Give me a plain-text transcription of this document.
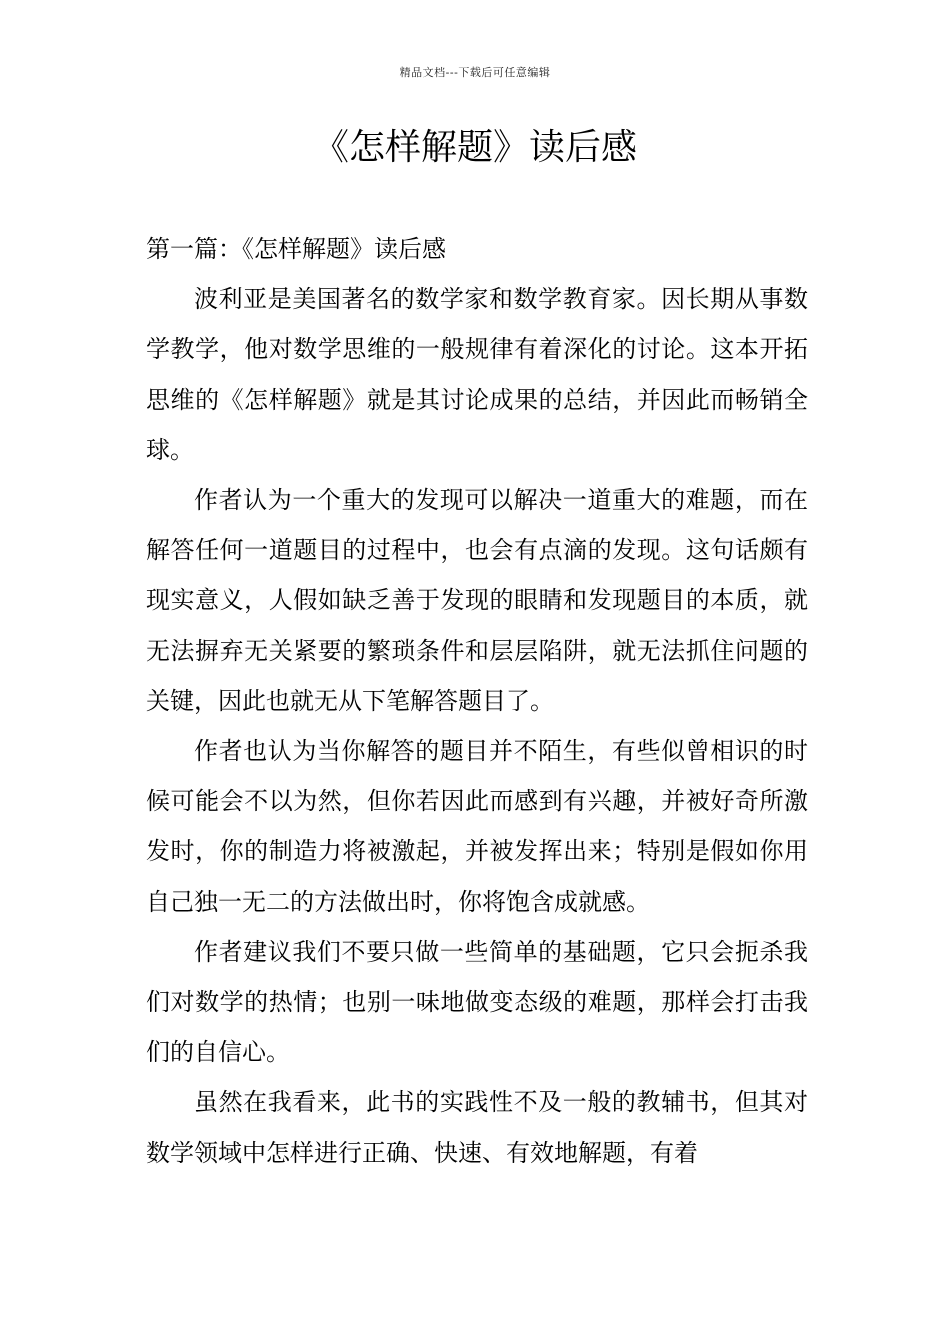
精品文档---下载后可任意编辑
《怎样解题》读后感

第一篇：《怎样解题》读后感

波利亚是美国著名的数学家和数学教育家。因长期从事数学教学，他对数学思维的一般规律有着深化的讨论。这本开拓思维的《怎样解题》就是其讨论成果的总结，并因此而畅销全球。

作者认为一个重大的发现可以解决一道重大的难题，而在解答任何一道题目的过程中，也会有点滴的发现。这句话颇有现实意义，人假如缺乏善于发现的眼睛和发现题目的本质，就无法摒弃无关紧要的繁琐条件和层层陷阱，就无法抓住问题的关键，因此也就无从下笔解答题目了。

作者也认为当你解答的题目并不陌生，有些似曾相识的时候可能会不以为然，但你若因此而感到有兴趣，并被好奇所激发时，你的制造力将被激起，并被发挥出来；特别是假如你用自己独一无二的方法做出时，你将饱含成就感。

作者建议我们不要只做一些简单的基础题，它只会扼杀我们对数学的热情；也别一味地做变态级的难题，那样会打击我们的自信心。

虽然在我看来，此书的实践性不及一般的教辅书，但其对数学领域中怎样进行正确、快速、有效地解题，有着
